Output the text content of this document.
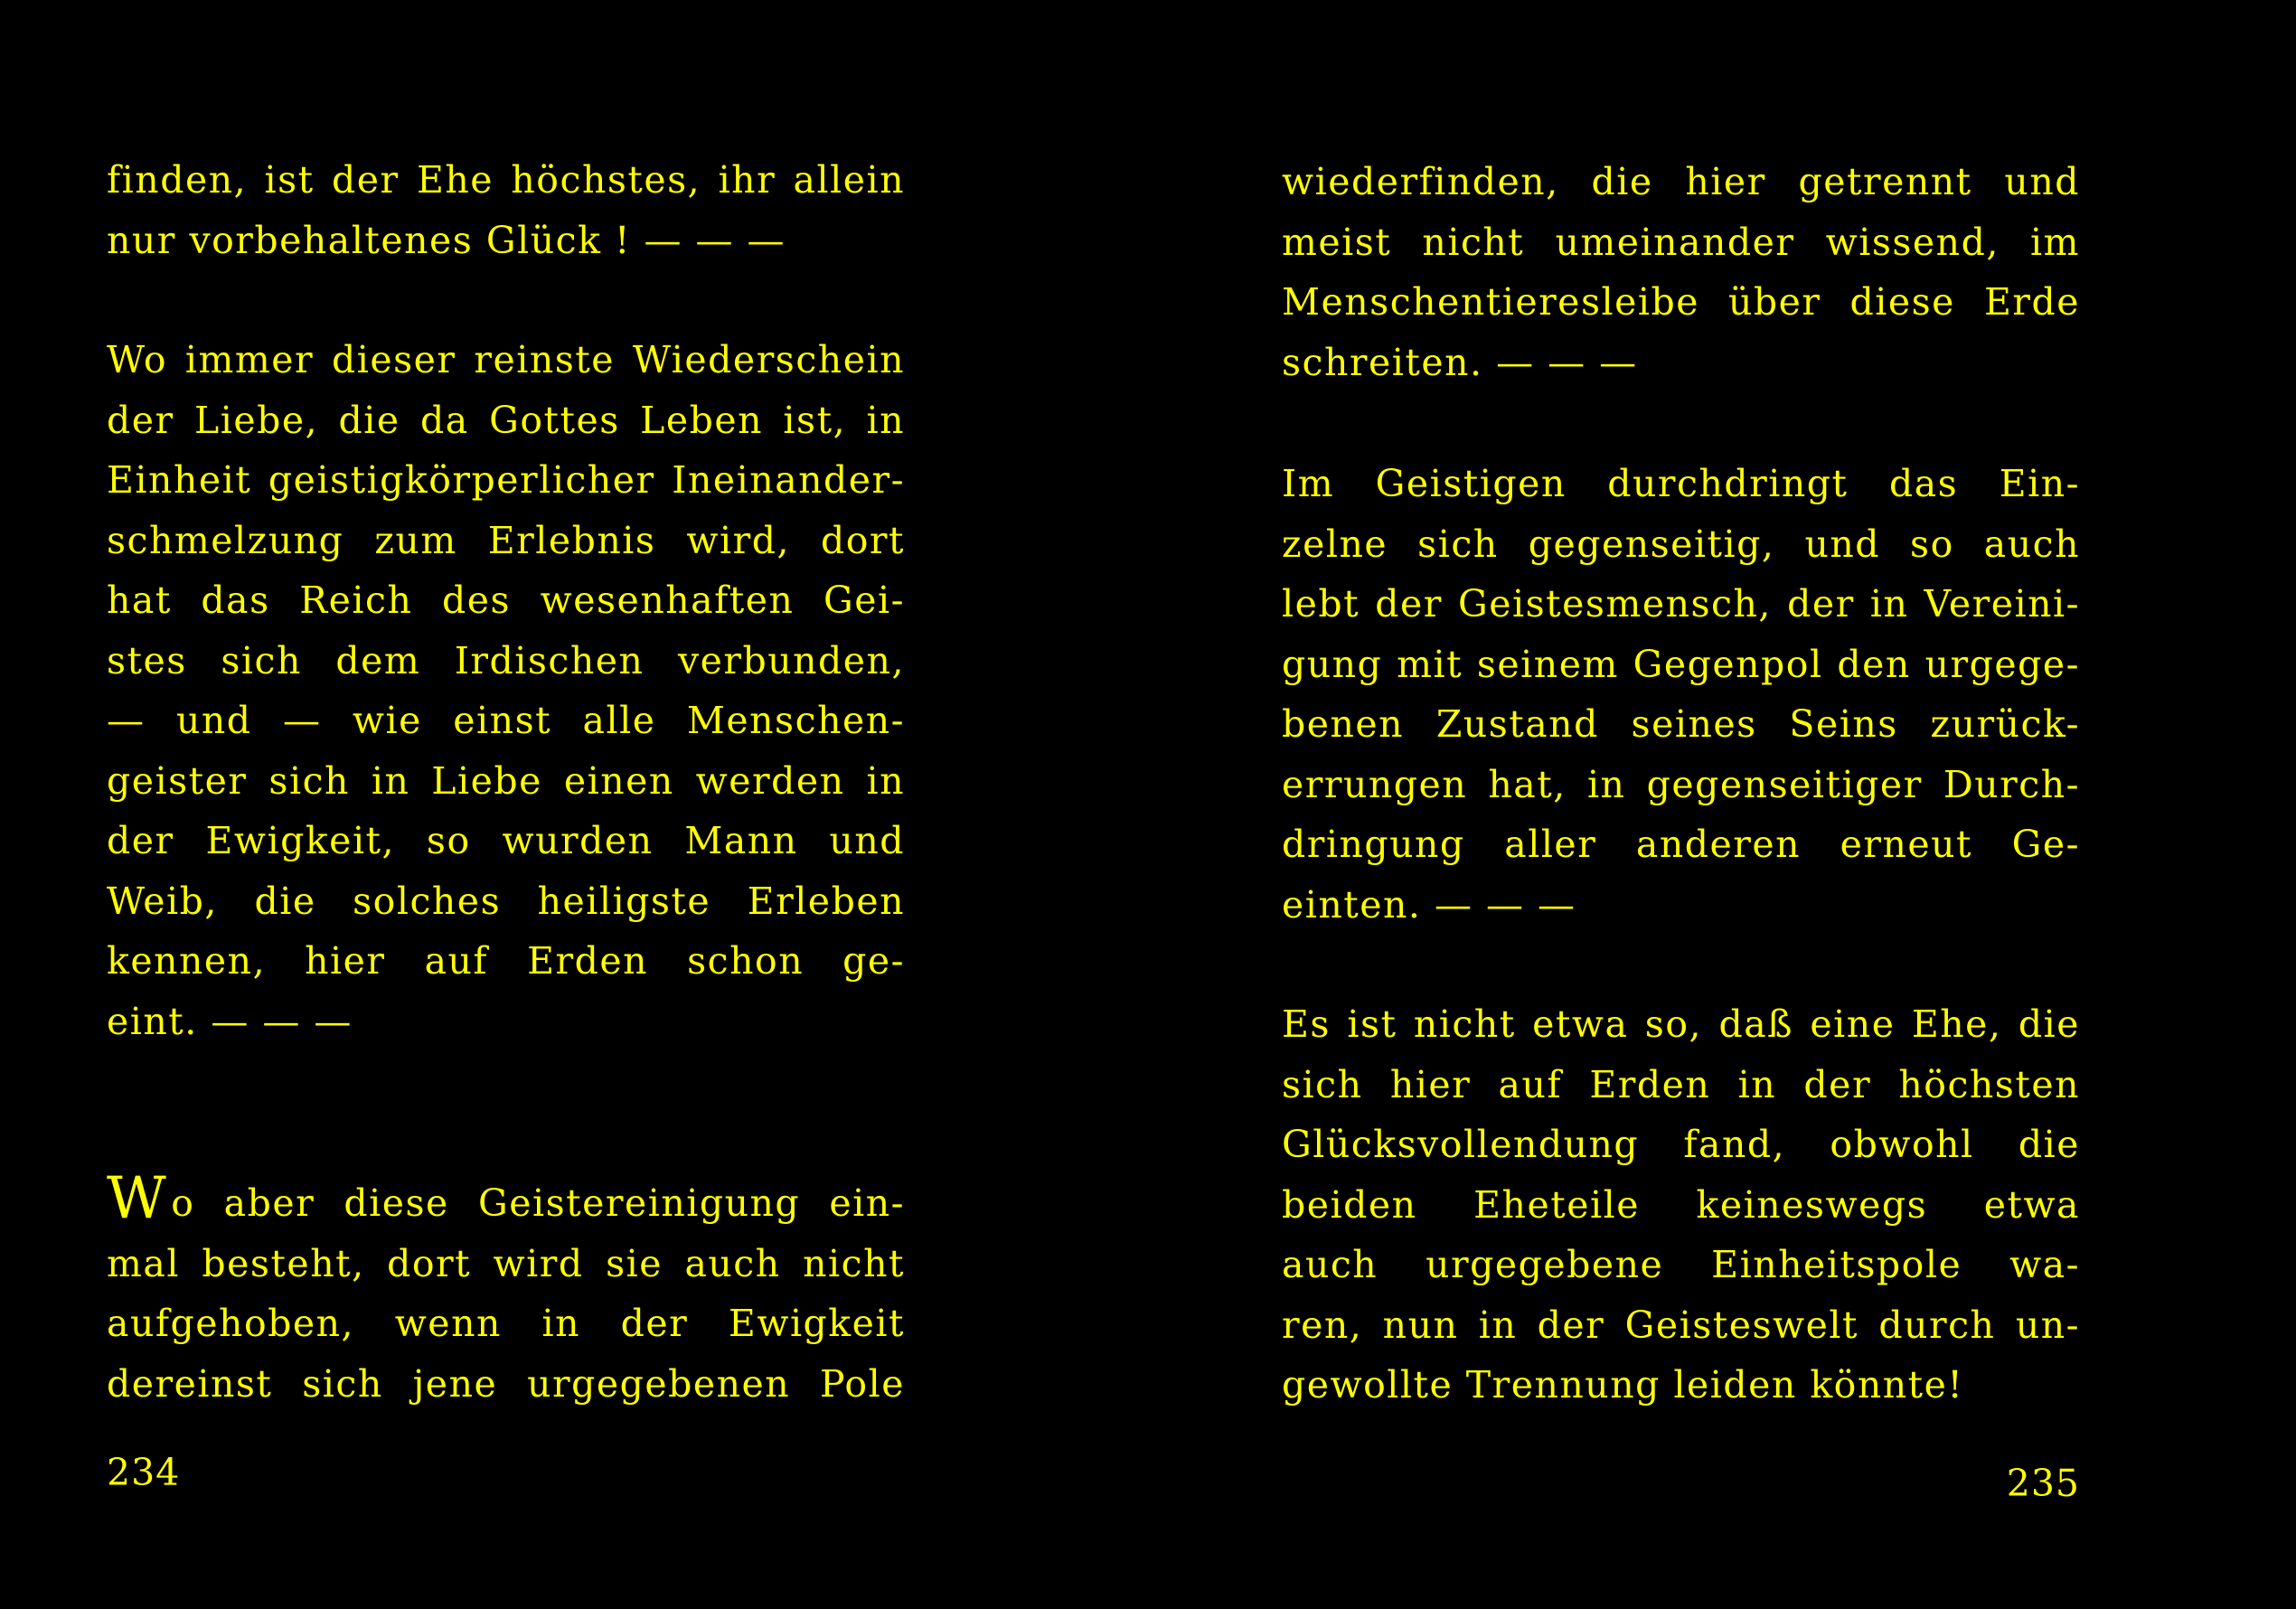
finden, ist der Ehe höchstes, ihr allein
nur vorbehaltenes Glück ! — — —
Wo immer dieser reinste Wiederschein
der Liebe, die da Gottes Leben ist, in
Einheit geistigkörperlicher Ineinander-
schmelzung zum Erlebnis wird, dort
hat das Reich des wesenhaften Gei-
stes sich dem Irdischen verbunden,
— und — wie einst alle Menschen-
geister sich in Liebe einen werden in
der Ewigkeit, so wurden Mann und
Weib, die solches heiligste Erleben
kennen, hier auf Erden schon ge-
eint. — — —
Wo aber diese Geistereinigung ein-
mal besteht, dort wird sie auch nicht
aufgehoben, wenn in der Ewigkeit
dereinst sich jene urgegebenen Pole
234
wiederfinden, die hier getrennt und
meist nicht umeinander wissend, im
Menschentieresleibe über diese Erde
schreiten. — — —
Im Geistigen durchdringt das Ein-
zelne sich gegenseitig, und so auch
lebt der Geistesmensch, der in Vereini-
gung mit seinem Gegenpol den urgege-
benen Zustand seines Seins zurück-
errungen hat, in gegenseitiger Durch-
dringung aller anderen erneut Ge-
einten. — — —
Es ist nicht etwa so, daß eine Ehe, die
sich hier auf Erden in der höchsten
Glücksvollendung fand, obwohl die
beiden Eheteile keineswegs etwa
auch urgegebene Einheitspole wa-
ren, nun in der Geisteswelt durch un-
gewollte Trennung leiden könnte!
235
